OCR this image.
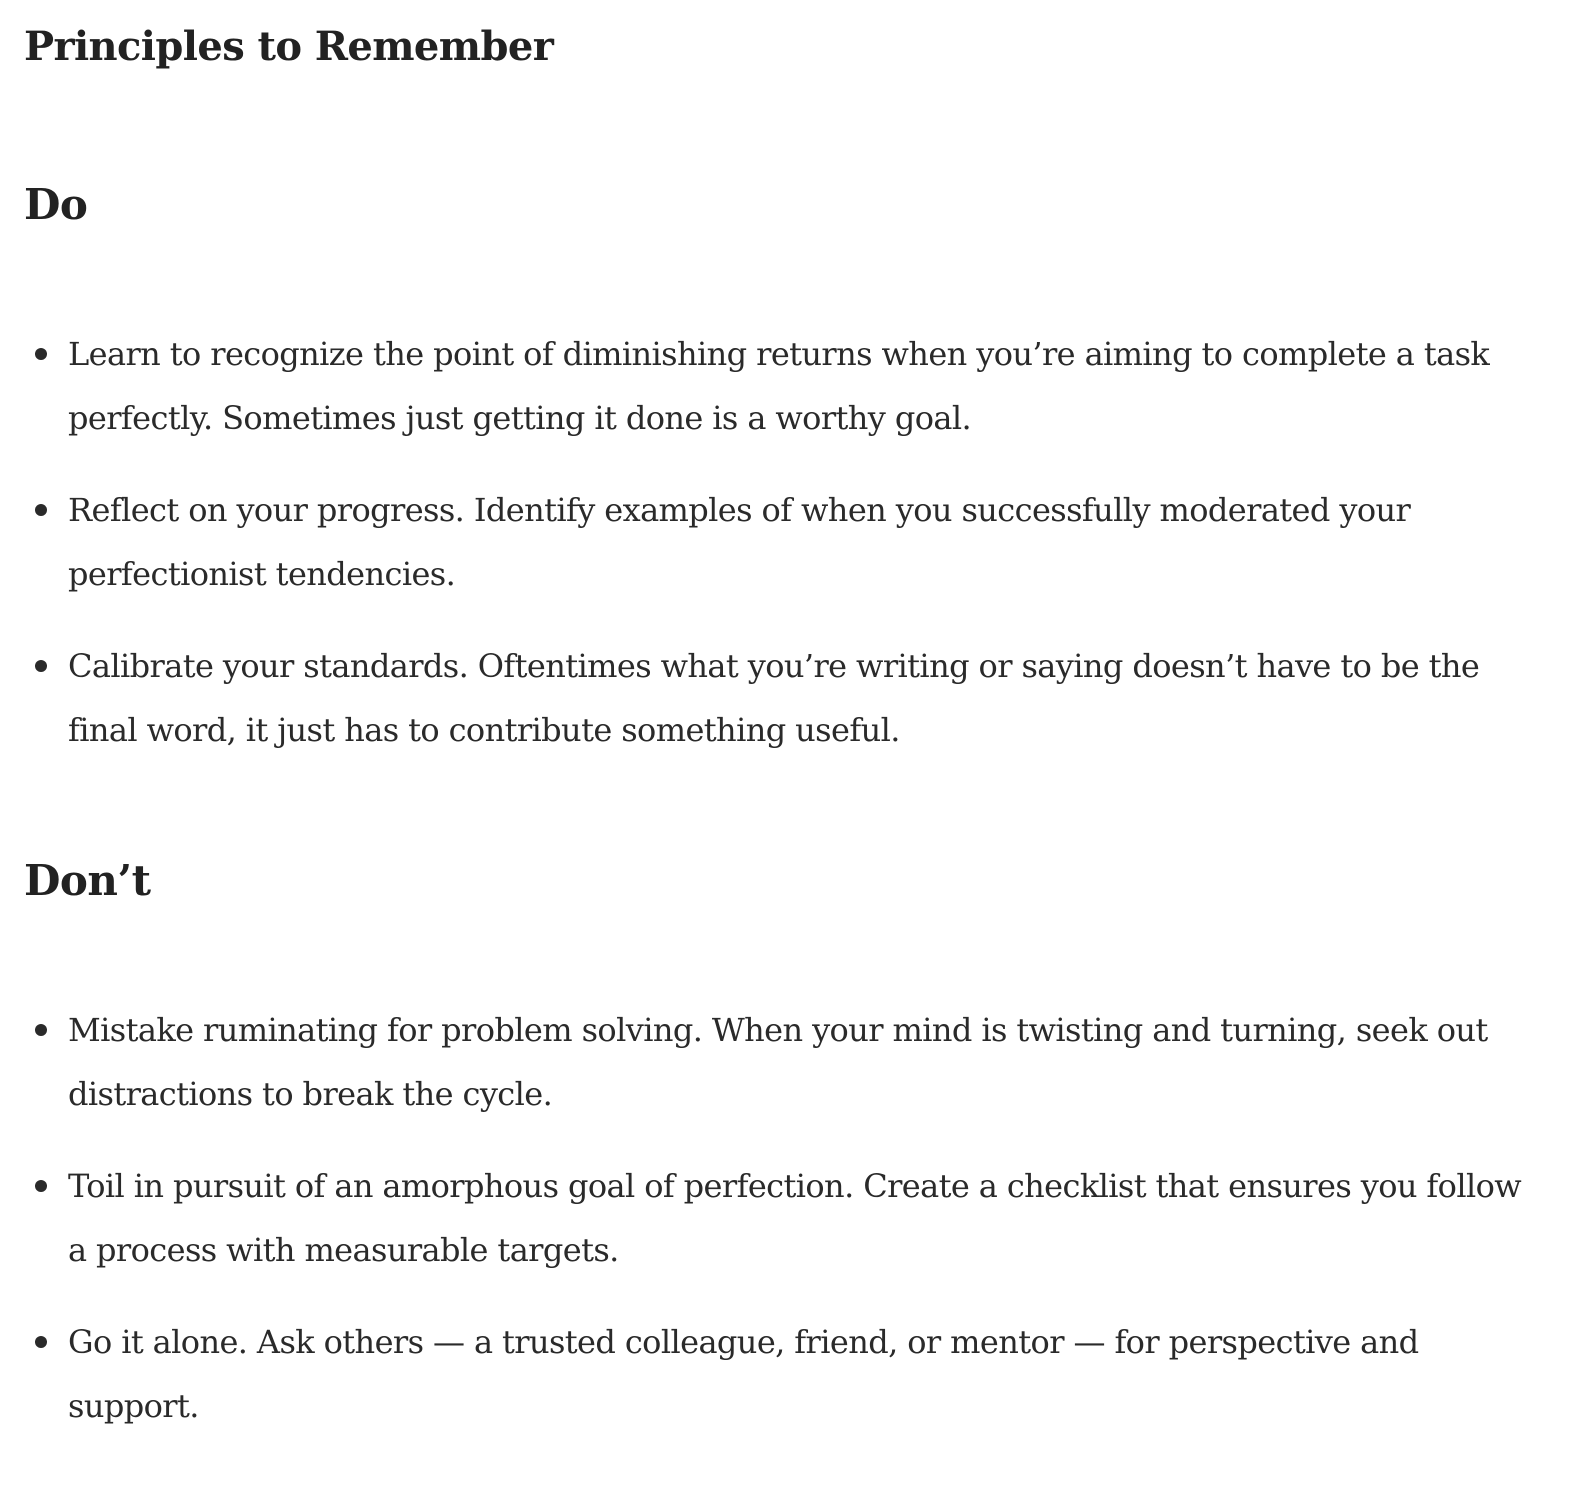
Principles to Remember
Do
Learn to recognize the point of diminishing returns when you’re aiming to complete a task perfectly. Sometimes just getting it done is a worthy goal.
Reflect on your progress. Identify examples of when you successfully moderated your perfectionist tendencies.
Calibrate your standards. Oftentimes what you’re writing or saying doesn’t have to be the final word, it just has to contribute something useful.
Don’t
Mistake ruminating for problem solving. When your mind is twisting and turning, seek out distractions to break the cycle.
Toil in pursuit of an amorphous goal of perfection. Create a checklist that ensures you follow a process with measurable targets.
Go it alone. Ask others — a trusted colleague, friend, or mentor — for perspective and support.
